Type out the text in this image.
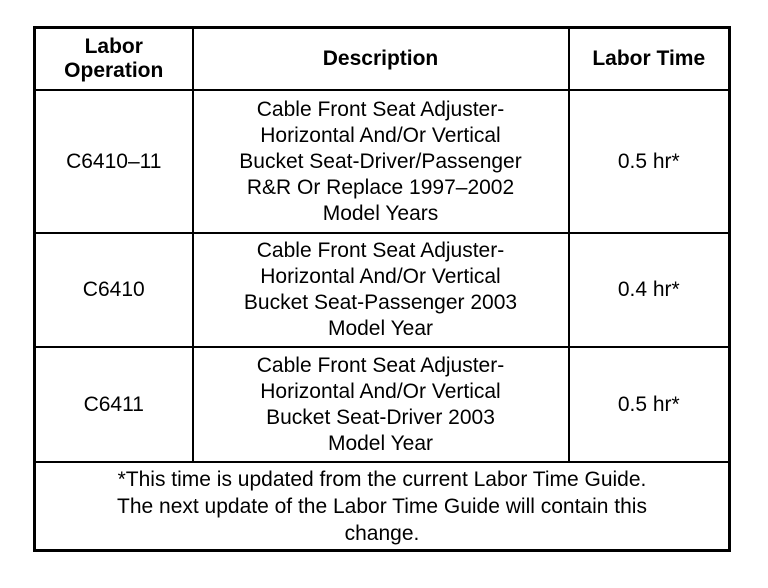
Labor
Operation	Description	Labor Time
C6410–11	Cable Front Seat Adjuster-
Horizontal And/Or Vertical
Bucket Seat-Driver/Passenger
R&R Or Replace 1997–2002
Model Years	0.5 hr*
C6410	Cable Front Seat Adjuster-
Horizontal And/Or Vertical
Bucket Seat-Passenger 2003
Model Year	0.4 hr*
C6411	Cable Front Seat Adjuster-
Horizontal And/Or Vertical
Bucket Seat-Driver 2003
Model Year	0.5 hr*

*This time is updated from the current Labor Time Guide.
The next update of the Labor Time Guide will contain this
change.		
